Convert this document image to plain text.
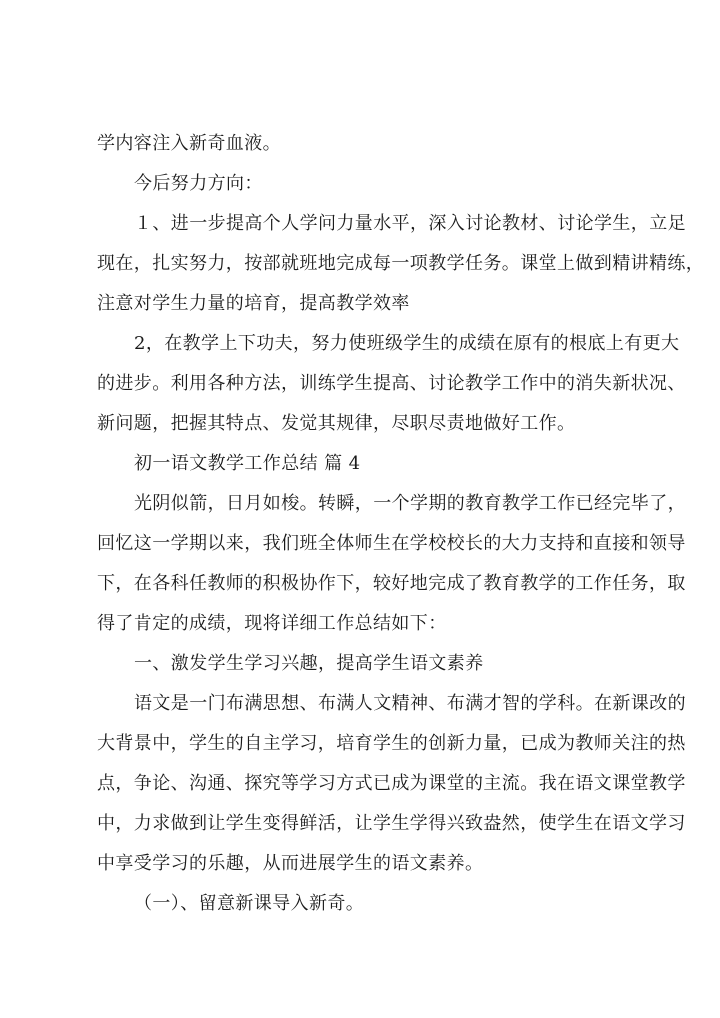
学内容注入新奇血液。
今后努力方向：
１、进一步提高个人学问力量水平，深入讨论教材、讨论学生，立足
现在，扎实努力，按部就班地完成每一项教学任务。课堂上做到精讲精练，
注意对学生力量的培育，提高教学效率
2，在教学上下功夫，努力使班级学生的成绩在原有的根底上有更大
的进步。利用各种方法，训练学生提高、讨论教学工作中的消失新状况、
新问题，把握其特点、发觉其规律，尽职尽责地做好工作。
初一语文教学工作总结 篇 4
光阴似箭，日月如梭。转瞬，一个学期的教育教学工作已经完毕了，
回忆这一学期以来，我们班全体师生在学校校长的大力支持和直接和领导
下，在各科任教师的积极协作下，较好地完成了教育教学的工作任务，取
得了肯定的成绩，现将详细工作总结如下：
一、激发学生学习兴趣，提高学生语文素养
语文是一门布满思想、布满人文精神、布满才智的学科。在新课改的
大背景中，学生的自主学习，培育学生的创新力量，已成为教师关注的热
点，争论、沟通、探究等学习方式已成为课堂的主流。我在语文课堂教学
中，力求做到让学生变得鲜活，让学生学得兴致盎然，使学生在语文学习
中享受学习的乐趣，从而进展学生的语文素养。
（一）、留意新课导入新奇。
